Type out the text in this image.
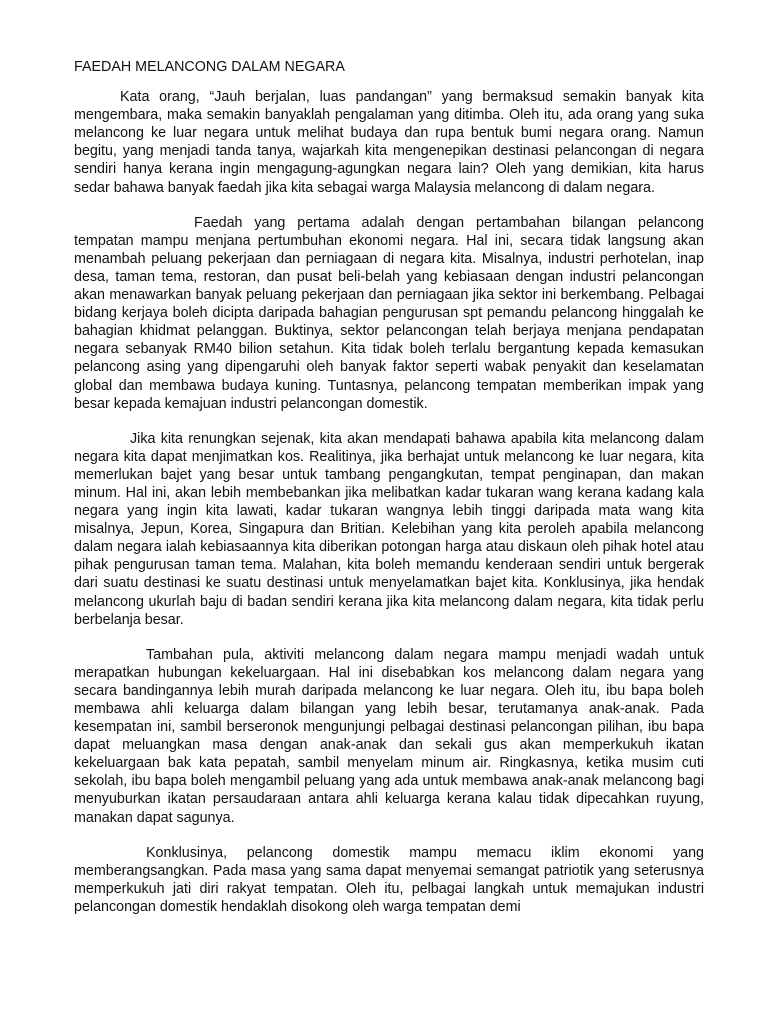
FAEDAH MELANCONG DALAM NEGARA

Kata orang, “Jauh berjalan, luas pandangan” yang bermaksud semakin banyak kita mengembara, maka semakin banyaklah pengalaman yang ditimba. Oleh itu, ada orang yang suka melancong ke luar negara untuk melihat budaya dan rupa bentuk bumi negara orang. Namun begitu, yang menjadi tanda tanya, wajarkah kita mengenepikan destinasi pelancongan di negara sendiri hanya kerana ingin mengagung-agungkan negara lain? Oleh yang demikian, kita harus sedar bahawa banyak faedah jika kita sebagai warga Malaysia melancong di dalam negara.

Faedah yang pertama adalah dengan pertambahan bilangan pelancong tempatan mampu menjana pertumbuhan ekonomi negara. Hal ini, secara tidak langsung akan menambah peluang pekerjaan dan perniagaan di negara kita. Misalnya, industri perhotelan, inap desa, taman tema, restoran, dan pusat beli-belah yang kebiasaan dengan industri pelancongan akan menawarkan banyak peluang pekerjaan dan perniagaan jika sektor ini berkembang. Pelbagai bidang kerjaya boleh dicipta daripada bahagian pengurusan spt pemandu pelancong hinggalah ke bahagian khidmat pelanggan. Buktinya, sektor pelancongan telah berjaya menjana pendapatan negara sebanyak RM40 bilion setahun. Kita tidak boleh terlalu bergantung kepada kemasukan pelancong asing yang dipengaruhi oleh banyak faktor seperti wabak penyakit dan keselamatan global dan membawa budaya kuning. Tuntasnya, pelancong tempatan memberikan impak yang besar kepada kemajuan industri pelancongan domestik.

Jika kita renungkan sejenak, kita akan mendapati bahawa apabila kita melancong dalam negara kita dapat menjimatkan kos. Realitinya, jika berhajat untuk melancong ke luar negara, kita memerlukan bajet yang besar untuk tambang pengangkutan, tempat penginapan, dan makan minum. Hal ini, akan lebih membebankan jika melibatkan kadar tukaran wang kerana kadang kala negara yang ingin kita lawati, kadar tukaran wangnya lebih tinggi daripada mata wang kita misalnya, Jepun, Korea, Singapura dan Britian. Kelebihan yang kita peroleh apabila melancong dalam negara ialah kebiasaannya kita diberikan potongan harga atau diskaun oleh pihak hotel atau pihak pengurusan taman tema. Malahan, kita boleh memandu kenderaan sendiri untuk bergerak dari suatu destinasi ke suatu destinasi untuk menyelamatkan bajet kita. Konklusinya, jika hendak melancong ukurlah baju di badan sendiri kerana jika kita melancong dalam negara, kita tidak perlu berbelanja besar.

Tambahan pula, aktiviti melancong dalam negara mampu menjadi wadah untuk merapatkan hubungan kekeluargaan. Hal ini disebabkan kos melancong dalam negara yang secara bandingannya lebih murah daripada melancong ke luar negara. Oleh itu, ibu bapa boleh membawa ahli keluarga dalam bilangan yang lebih besar, terutamanya anak-anak. Pada kesempatan ini, sambil berseronok mengunjungi pelbagai destinasi pelancongan pilihan, ibu bapa dapat meluangkan masa dengan anak-anak dan sekali gus akan memperkukuh ikatan kekeluargaan bak kata pepatah, sambil menyelam minum air. Ringkasnya, ketika musim cuti sekolah, ibu bapa boleh mengambil peluang yang ada untuk membawa anak-anak melancong bagi menyuburkan ikatan persaudaraan antara ahli keluarga kerana kalau tidak dipecahkan ruyung, manakan dapat sagunya.

Konklusinya, pelancong domestik mampu memacu iklim ekonomi yang memberangsangkan. Pada masa yang sama dapat menyemai semangat patriotik yang seterusnya memperkukuh jati diri rakyat tempatan. Oleh itu, pelbagai langkah untuk memajukan industri pelancongan domestik hendaklah disokong oleh warga tempatan demi
